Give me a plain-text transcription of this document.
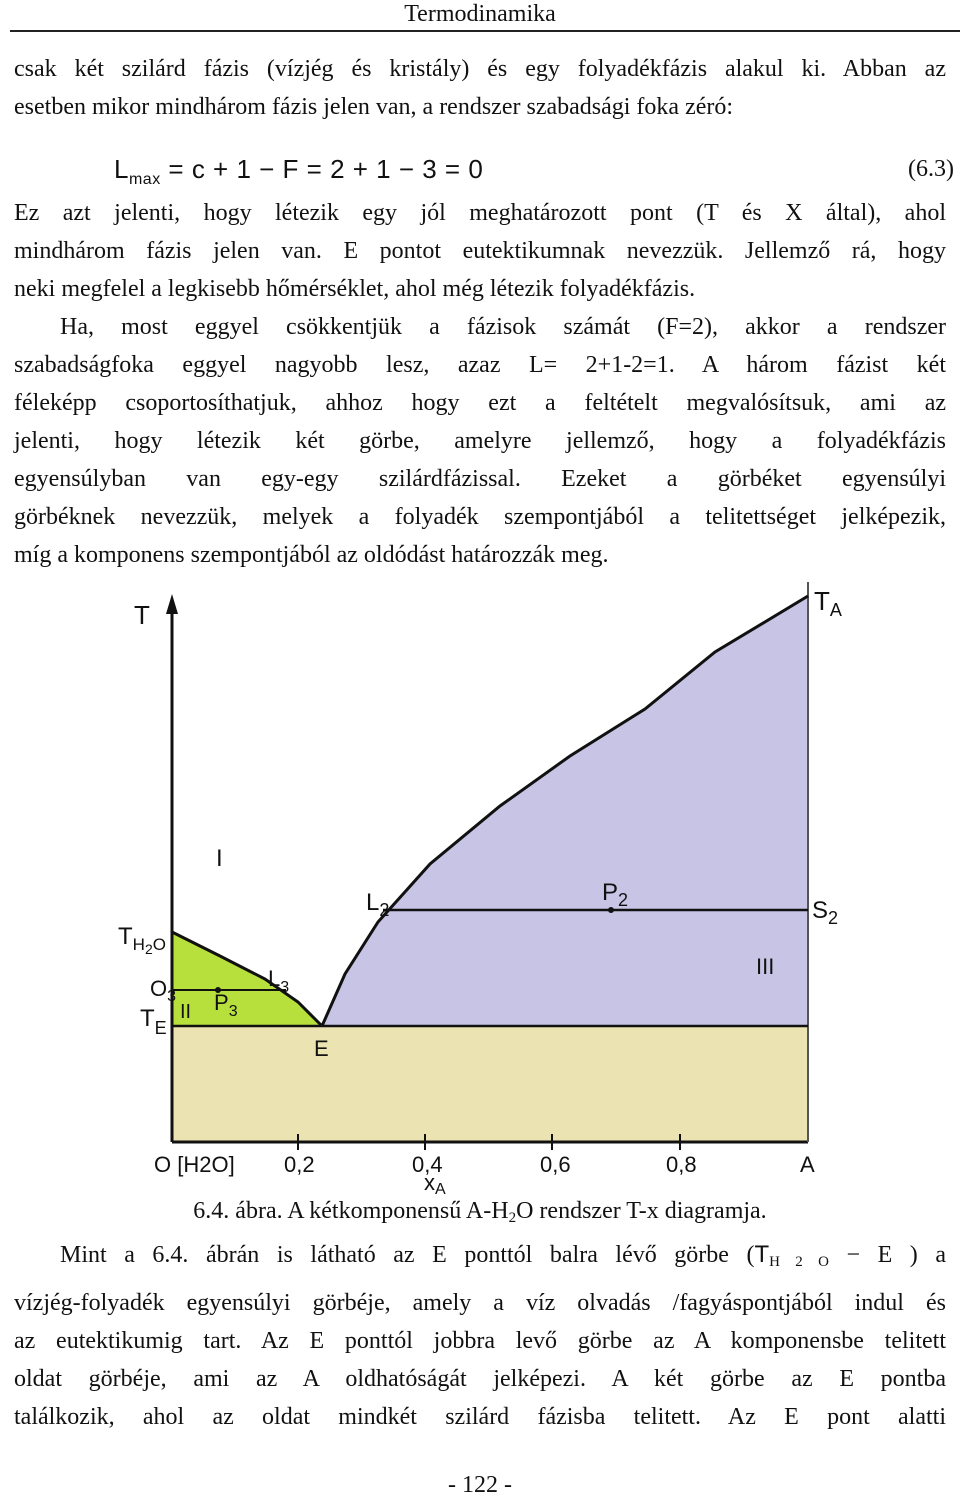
Termodinamika
csak két szilárd fázis (vízjég és kristály) és egy folyadékfázis alakul ki. Abban az
esetben mikor mindhárom fázis jelen van, a rendszer szabadsági foka zéró:
$L_{max} = c + 1 - F = 2 + 1 - 3 = 0$	(6.3)
Ez azt jelenti, hogy létezik egy jól meghatározott pont (T és X által), ahol
mindhárom fázis jelen van. E pontot eutektikumnak nevezzük. Jellemző rá, hogy
neki megfelel a legkisebb hőmérséklet, ahol még létezik folyadékfázis.
Ha, most eggyel csökkentjük a fázisok számát (F=2), akkor a rendszer
szabadságfoka eggyel nagyobb lesz, azaz L= 2+1-2=1. A három fázist két
féleképp csoportosíthatjuk, ahhoz hogy ezt a feltételt megvalósítsuk, ami az
jelenti, hogy létezik két görbe, amelyre jellemző, hogy a folyadékfázis
egyensúlyban van egy-egy szilárdfázissal. Ezeket a görbéket egyensúlyi
görbéknek nevezzük, melyek a folyadék szempontjából a telitettséget jelképezik,
míg a komponens szempontjából az oldódást határozzák meg.
T	$T_A$
$T_H2O$
$O_3$
$T_E$
I
II
III
$L_2$
$L_3$
$P_2$
$P_3$
$S_2$
E
O [H2O] 0,2	0,4	0,6	0,8	A
xA
6.4. ábra. A kétkomponensű $A-H_2O$ rendszer T-x diagramja.
Mint a 6.4. ábrán is látható az E ponttól balra lévő görbe ($T_{H 2 O} - E$ ) a
vízjég-folyadék egyensúlyi görbéje, amely a víz olvadás /fagyáspontjából indul és
az eutektikumig tart. Az E ponttól jobbra levő görbe az A komponensbe telitett
oldat görbéje, ami az A oldhatóságát jelképezi. A két görbe az E pontba
találkozik, ahol az oldat mindkét szilárd fázisba telitett. Az E pont alatti
- 122 -
